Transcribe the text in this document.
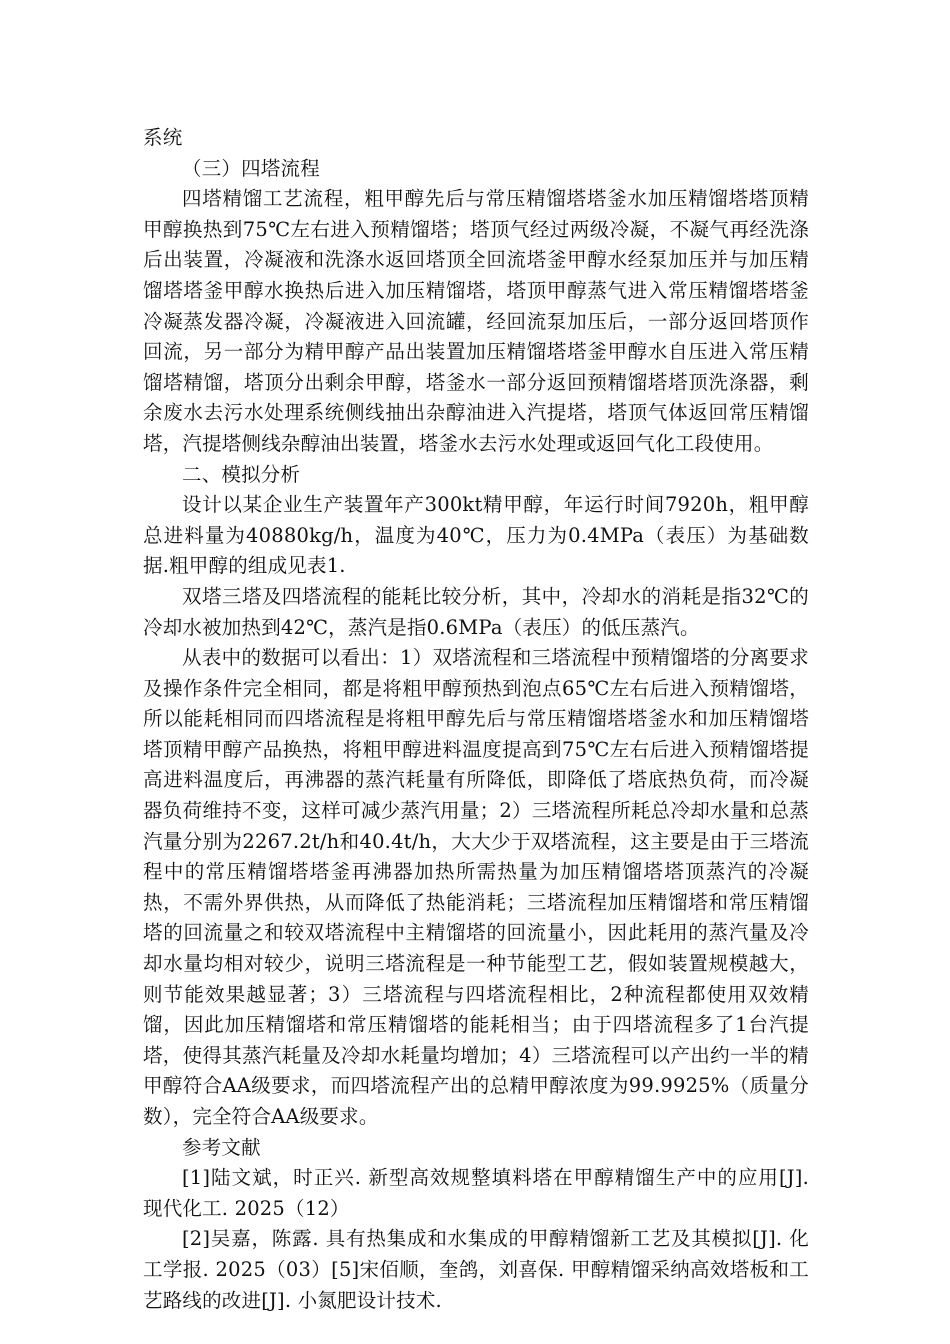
系统

（三）四塔流程

四塔精馏工艺流程，粗甲醇先后与常压精馏塔塔釜水加压精馏塔塔顶精甲醇换热到75℃左右进入预精馏塔；塔顶气经过两级冷凝，不凝气再经洗涤后出装置，冷凝液和洗涤水返回塔顶全回流塔釜甲醇水经泵加压并与加压精馏塔塔釜甲醇水换热后进入加压精馏塔，塔顶甲醇蒸气进入常压精馏塔塔釜冷凝蒸发器冷凝，冷凝液进入回流罐，经回流泵加压后，一部分返回塔顶作回流，另一部分为精甲醇产品出装置加压精馏塔塔釜甲醇水自压进入常压精馏塔精馏，塔顶分出剩余甲醇，塔釜水一部分返回预精馏塔塔顶洗涤器，剩余废水去污水处理系统侧线抽出杂醇油进入汽提塔，塔顶气体返回常压精馏塔，汽提塔侧线杂醇油出装置，塔釜水去污水处理或返回气化工段使用。

二、模拟分析

设计以某企业生产装置年产300kt精甲醇，年运行时间7920h，粗甲醇总进料量为40880kg/h，温度为40℃，压力为0.4MPa（表压）为基础数据.粗甲醇的组成见表1.

双塔三塔及四塔流程的能耗比较分析，其中，冷却水的消耗是指32℃的冷却水被加热到42℃，蒸汽是指0.6MPa（表压）的低压蒸汽。

从表中的数据可以看出：1）双塔流程和三塔流程中预精馏塔的分离要求及操作条件完全相同，都是将粗甲醇预热到泡点65℃左右后进入预精馏塔，所以能耗相同而四塔流程是将粗甲醇先后与常压精馏塔塔釜水和加压精馏塔塔顶精甲醇产品换热，将粗甲醇进料温度提高到75℃左右后进入预精馏塔提高进料温度后，再沸器的蒸汽耗量有所降低，即降低了塔底热负荷，而冷凝器负荷维持不变，这样可减少蒸汽用量；2）三塔流程所耗总冷却水量和总蒸汽量分别为2267.2t/h和40.4t/h，大大少于双塔流程，这主要是由于三塔流程中的常压精馏塔塔釜再沸器加热所需热量为加压精馏塔塔顶蒸汽的冷凝热，不需外界供热，从而降低了热能消耗；三塔流程加压精馏塔和常压精馏塔的回流量之和较双塔流程中主精馏塔的回流量小，因此耗用的蒸汽量及冷却水量均相对较少，说明三塔流程是一种节能型工艺，假如装置规模越大，则节能效果越显著；3）三塔流程与四塔流程相比，2种流程都使用双效精馏，因此加压精馏塔和常压精馏塔的能耗相当；由于四塔流程多了1台汽提塔，使得其蒸汽耗量及冷却水耗量均增加；4）三塔流程可以产出约一半的精甲醇符合AA级要求，而四塔流程产出的总精甲醇浓度为99.9925%（质量分数），完全符合AA级要求。

参考文献

[1]陆文斌，时正兴. 新型高效规整填料塔在甲醇精馏生产中的应用[J]. 现代化工. 2025（12）

[2]吴嘉，陈露. 具有热集成和水集成的甲醇精馏新工艺及其模拟[J]. 化工学报. 2025（03）[5]宋佰顺，奎鸽，刘喜保. 甲醇精馏采纳高效塔板和工艺路线的改进[J]. 小氮肥设计技术.
